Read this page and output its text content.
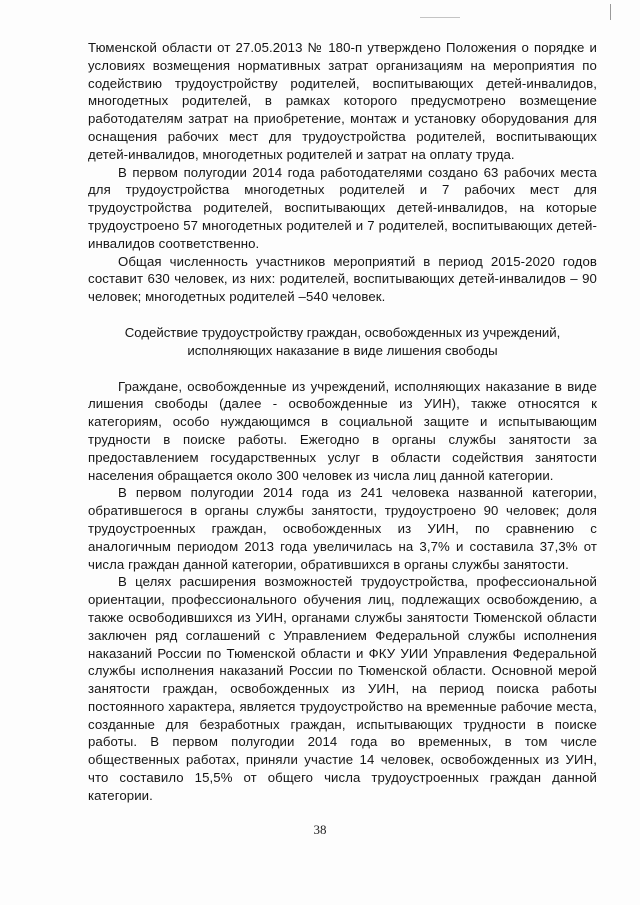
Тюменской области от 27.05.2013 № 180-п утверждено Положения о порядке и условиях возмещения нормативных затрат организациям на мероприятия по содействию трудоустройству родителей, воспитывающих детей-инвалидов, многодетных родителей, в рамках которого предусмотрено возмещение работодателям затрат на приобретение, монтаж и установку оборудования для оснащения рабочих мест для трудоустройства родителей, воспитывающих детей-инвалидов, многодетных родителей и затрат на оплату труда.

В первом полугодии 2014 года работодателями создано 63 рабочих места для трудоустройства многодетных родителей и 7 рабочих мест для трудоустройства родителей, воспитывающих детей-инвалидов, на которые трудоустроено 57 многодетных родителей и 7 родителей, воспитывающих детей-инвалидов соответственно.

Общая численность участников мероприятий в период 2015-2020 годов составит 630 человек, из них: родителей, воспитывающих детей-инвалидов – 90 человек; многодетных родителей –540 человек.

Содействие трудоустройству граждан, освобожденных из учреждений, исполняющих наказание в виде лишения свободы

Граждане, освобожденные из учреждений, исполняющих наказание в виде лишения свободы (далее - освобожденные из УИН), также относятся к категориям, особо нуждающимся в социальной защите и испытывающим трудности в поиске работы. Ежегодно в органы службы занятости за предоставлением государственных услуг в области содействия занятости населения обращается около 300 человек из числа лиц данной категории.

В первом полугодии 2014 года из 241 человека названной категории, обратившегося в органы службы занятости, трудоустроено 90 человек; доля трудоустроенных граждан, освобожденных из УИН, по сравнению с аналогичным периодом 2013 года увеличилась на 3,7% и составила 37,3% от числа граждан данной категории, обратившихся в органы службы занятости.

В целях расширения возможностей трудоустройства, профессиональной ориентации, профессионального обучения лиц, подлежащих освобождению, а также освободившихся из УИН, органами службы занятости Тюменской области заключен ряд соглашений с Управлением Федеральной службы исполнения наказаний России по Тюменской области и ФКУ УИИ Управления Федеральной службы исполнения наказаний России по Тюменской области. Основной мерой занятости граждан, освобожденных из УИН, на период поиска работы постоянного характера, является трудоустройство на временные рабочие места, созданные для безработных граждан, испытывающих трудности в поиске работы. В первом полугодии 2014 года во временных, в том числе общественных работах, приняли участие 14 человек, освобожденных из УИН, что составило 15,5% от общего числа трудоустроенных граждан данной категории.

38
